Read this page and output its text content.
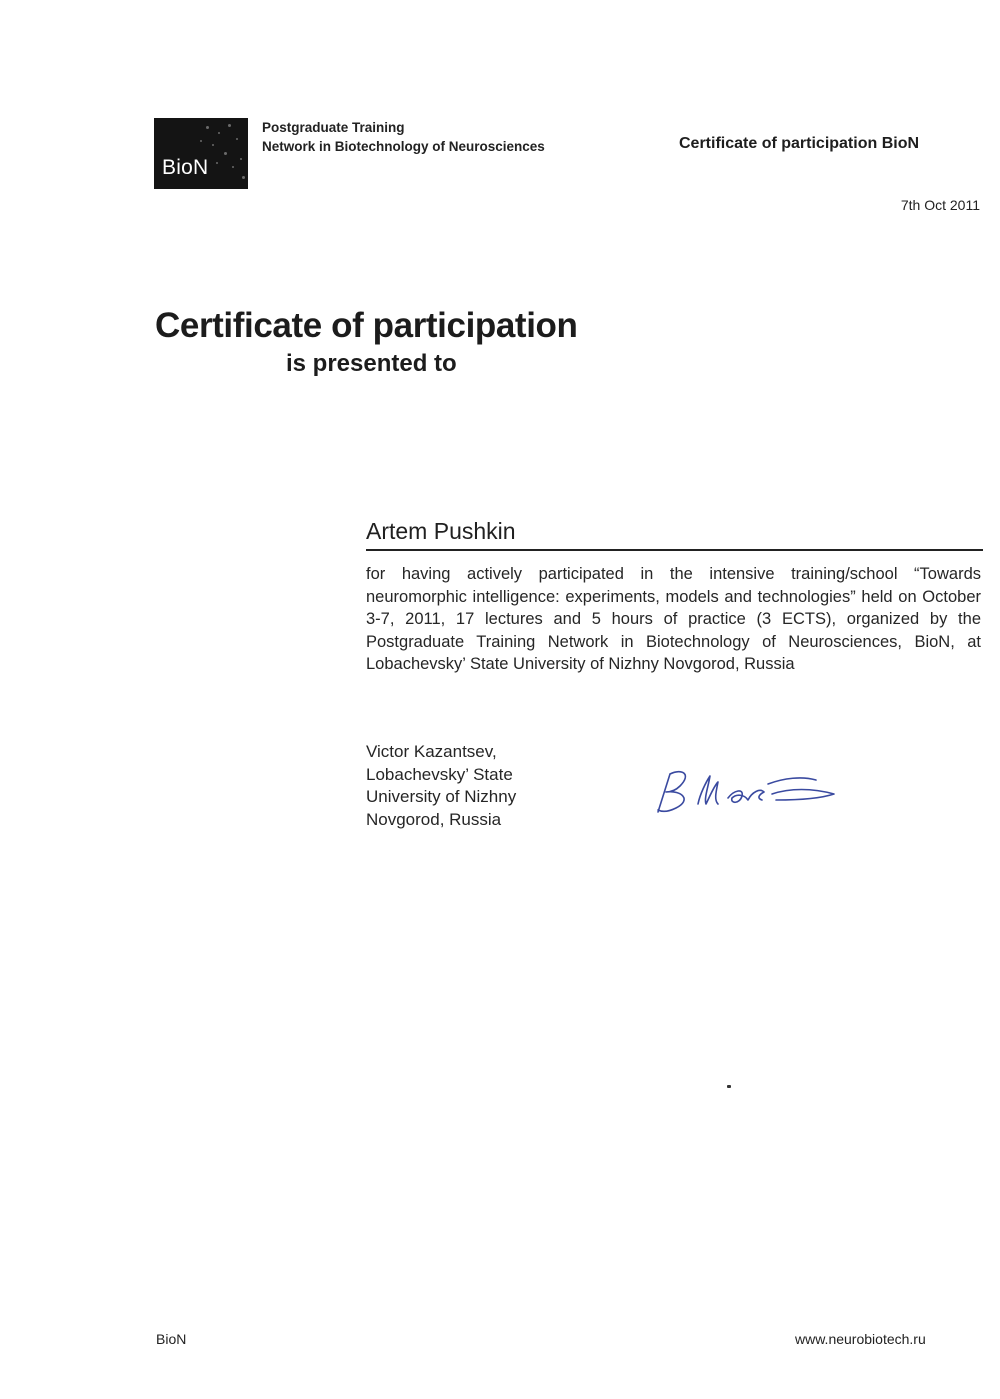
BioN
Postgraduate Training
Network in Biotechnology of Neurosciences	Certificate of participation BioN
7th Oct 2011
Certificate of participation
is presented to
Artem Pushkin
for having actively participated in the intensive training/school “Towards neuromorphic intelligence: experiments, models and technologies” held on October 3-7, 2011, 17 lectures and 5 hours of practice (3 ECTS), organized by the Postgraduate Training Network in Biotechnology of Neurosciences, BioN, at Lobachevsky’ State University of Nizhny Novgorod, Russia
Victor Kazantsev,
Lobachevsky’ State
University of Nizhny
Novgorod, Russia
BioN	www.neurobiotech.ru
